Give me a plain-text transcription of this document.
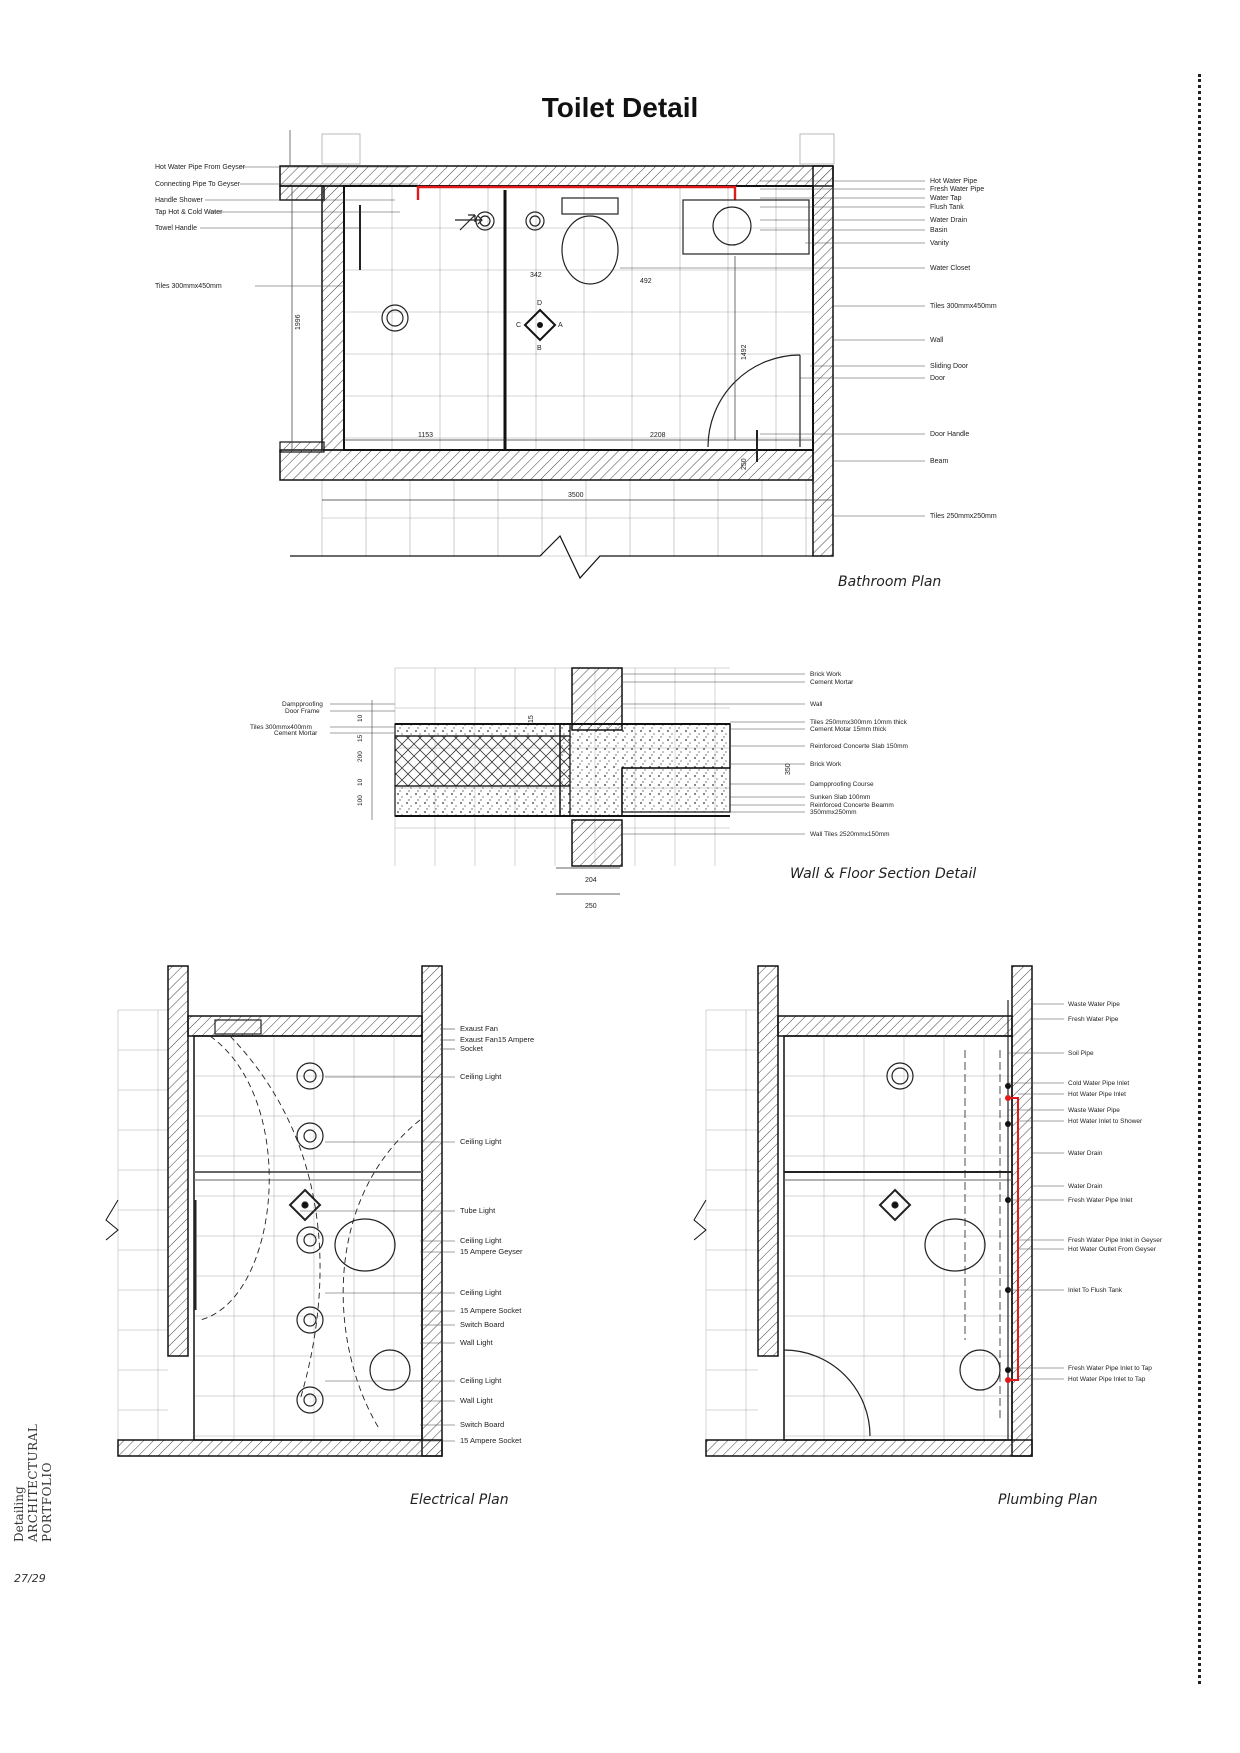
Toilet Detail
D
A
B
C
1996
1153	2208
3500
342
492
1492
250
Hot Water Pipe From Geyser
Connecting Pipe To Geyser
Handle Shower
Tap Hot & Cold Water
Towel Handle
Tiles 300mmx450mm
Hot Water Pipe
Fresh Water Pipe
Water Tap
Flush Tank
Water Drain
Basin
Vanity
Water Closet
Tiles 300mmx450mm
Wall
Sliding Door
Door
Door Handle
Beam
Tiles 250mmx250mm
Dampproofing
Door Frame
Tiles 300mmx400mm
Cement Mortar
Brick Work
Cement Mortar
Wall
Tiles 250mmx300mm 10mm thick
Cement Motar 15mm thick
Reinforced Concerte Slab 150mm
Brick Work
Dampproofing Course
Sunken Slab 100mm
Reinforced Concerte Beamm
350mmx250mm
Wall Tiles 2520mmx150mm
10
15
200
10
100
204
250
15
350
Exaust Fan
Exaust Fan15 Ampere
Socket
Ceiling Light
Ceiling Light
Tube Light
Ceiling Light
15 Ampere Geyser
Ceiling Light
15 Ampere Socket
Switch Board
Wall Light
Ceiling Light
Wall Light
Switch Board
15 Ampere Socket
Waste Water Pipe
Fresh Water Pipe
Soil Pipe
Cold Water Pipe Inlet
Hot Water Pipe Inlet
Waste Water Pipe
Hot Water Inlet to Shower
Water Drain
Water Drain
Fresh Water Pipe Inlet
Fresh Water Pipe Inlet in Geyser
Hot Water Outlet From Geyser
Inlet To Flush Tank
Fresh Water Pipe Inlet to Tap
Hot Water Pipe Inlet to Tap
Bathroom Plan
Wall & Floor Section Detail
Electrical Plan	Plumbing Plan
Detailing ARCHITECTURAL PORTFOLIO
27/29
